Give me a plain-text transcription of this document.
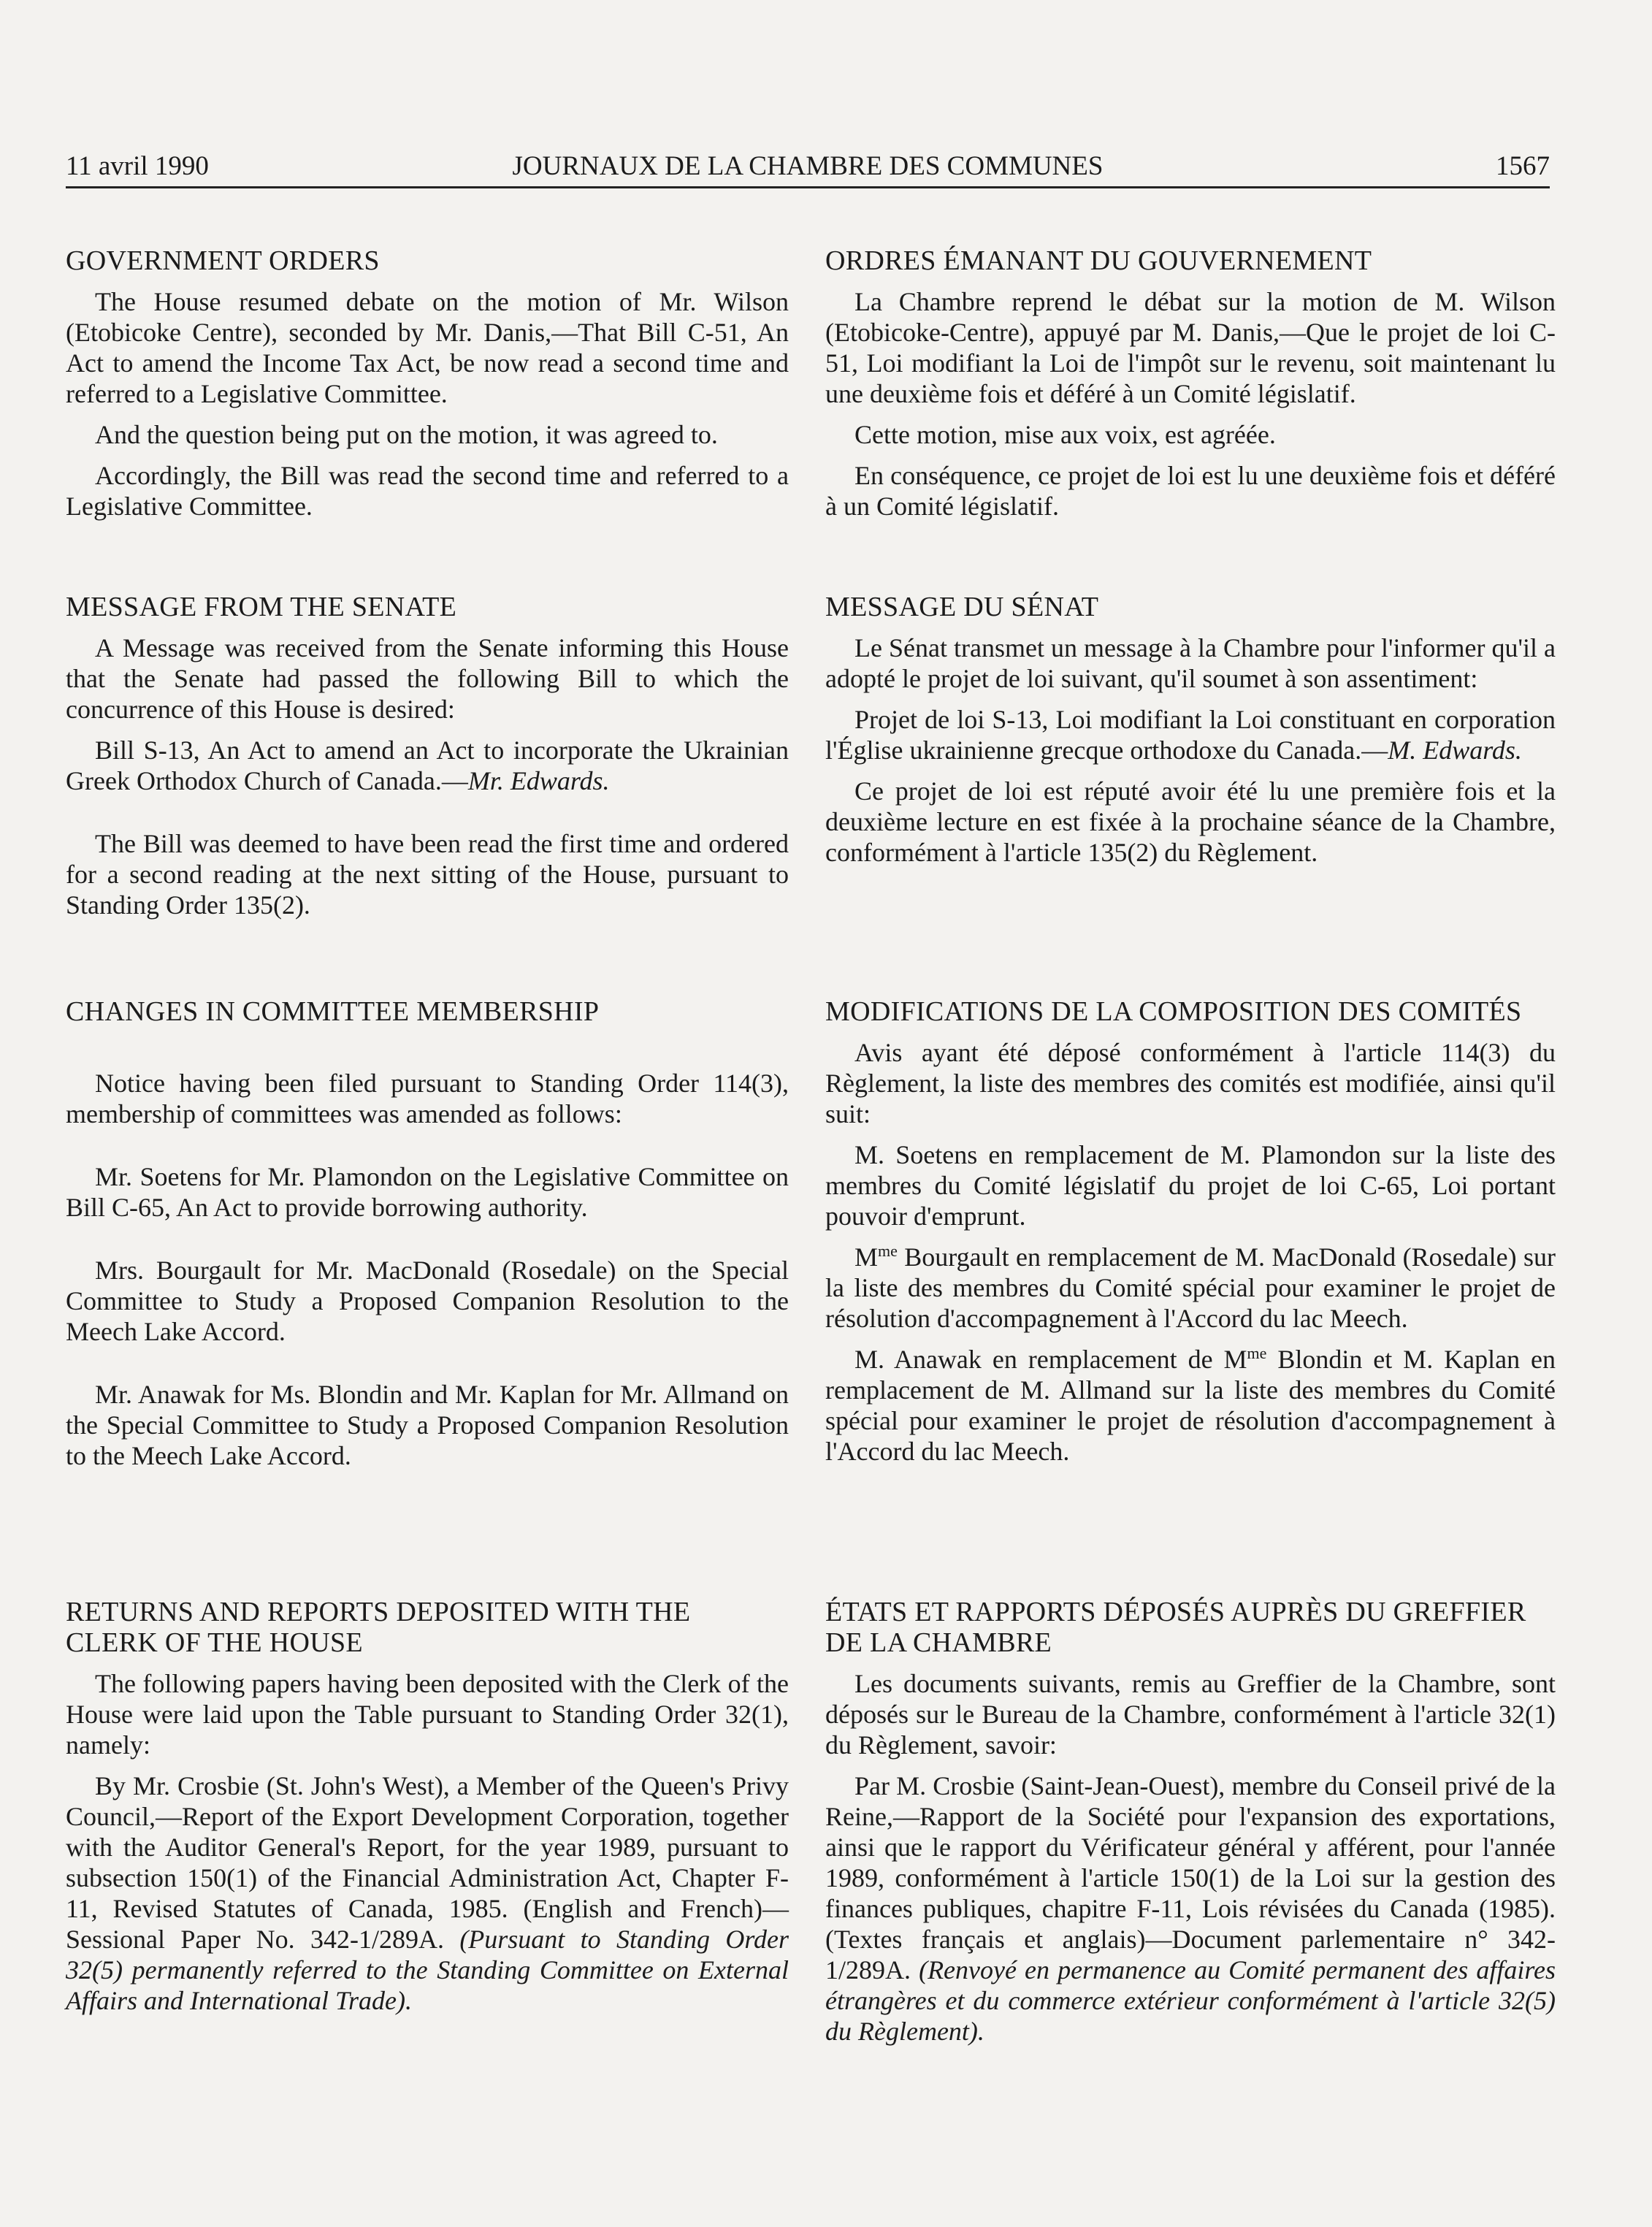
11 avril 1990	JOURNAUX DE LA CHAMBRE DES COMMUNES	1567
GOVERNMENT ORDERS

The House resumed debate on the motion of Mr. Wilson (Etobicoke Centre), seconded by Mr. Danis,—That Bill C-51, An Act to amend the Income Tax Act, be now read a second time and referred to a Legislative Committee.

And the question being put on the motion, it was agreed to.

Accordingly, the Bill was read the second time and referred to a Legislative Committee.

MESSAGE FROM THE SENATE

A Message was received from the Senate informing this House that the Senate had passed the following Bill to which the concurrence of this House is desired:

Bill S-13, An Act to amend an Act to incorporate the Ukrainian Greek Orthodox Church of Canada.—Mr. Edwards.

The Bill was deemed to have been read the first time and ordered for a second reading at the next sitting of the House, pursuant to Standing Order 135(2).

CHANGES IN COMMITTEE MEMBERSHIP

Notice having been filed pursuant to Standing Order 114(3), membership of committees was amended as follows:

Mr. Soetens for Mr. Plamondon on the Legislative Committee on Bill C-65, An Act to provide borrowing authority.

Mrs. Bourgault for Mr. MacDonald (Rosedale) on the Special Committee to Study a Proposed Companion Resolution to the Meech Lake Accord.

Mr. Anawak for Ms. Blondin and Mr. Kaplan for Mr. Allmand on the Special Committee to Study a Proposed Companion Resolution to the Meech Lake Accord.

RETURNS AND REPORTS DEPOSITED WITH THE CLERK OF THE HOUSE

The following papers having been deposited with the Clerk of the House were laid upon the Table pursuant to Standing Order 32(1), namely:

By Mr. Crosbie (St. John's West), a Member of the Queen's Privy Council,—Report of the Export Development Corporation, together with the Auditor General's Report, for the year 1989, pursuant to subsection 150(1) of the Financial Administration Act, Chapter F-11, Revised Statutes of Canada, 1985. (English and French)—Sessional Paper No. 342-1/289A. (Pursuant to Standing Order 32(5) permanently referred to the Standing Committee on External Affairs and International Trade).

ORDRES ÉMANANT DU GOUVERNEMENT

La Chambre reprend le débat sur la motion de M. Wilson (Etobicoke-Centre), appuyé par M. Danis,—Que le projet de loi C-51, Loi modifiant la Loi de l'impôt sur le revenu, soit maintenant lu une deuxième fois et déféré à un Comité législatif.

Cette motion, mise aux voix, est agréée.

En conséquence, ce projet de loi est lu une deuxième fois et déféré à un Comité législatif.

MESSAGE DU SÉNAT

Le Sénat transmet un message à la Chambre pour l'informer qu'il a adopté le projet de loi suivant, qu'il soumet à son assentiment:

Projet de loi S-13, Loi modifiant la Loi constituant en corporation l'Église ukrainienne grecque orthodoxe du Canada.—M. Edwards.

Ce projet de loi est réputé avoir été lu une première fois et la deuxième lecture en est fixée à la prochaine séance de la Chambre, conformément à l'article 135(2) du Règlement.

MODIFICATIONS DE LA COMPOSITION DES COMITÉS

Avis ayant été déposé conformément à l'article 114(3) du Règlement, la liste des membres des comités est modifiée, ainsi qu'il suit:

M. Soetens en remplacement de M. Plamondon sur la liste des membres du Comité législatif du projet de loi C-65, Loi portant pouvoir d'emprunt.

$M^{me}$ Bourgault en remplacement de M. MacDonald (Rosedale) sur la liste des membres du Comité spécial pour examiner le projet de résolution d'accompagnement à l'Accord du lac Meech.

M. Anawak en remplacement de $M^{me}$ Blondin et M. Kaplan en remplacement de M. Allmand sur la liste des membres du Comité spécial pour examiner le projet de résolution d'accompagnement à l'Accord du lac Meech.

ÉTATS ET RAPPORTS DÉPOSÉS AUPRÈS DU GREFFIER DE LA CHAMBRE

Les documents suivants, remis au Greffier de la Chambre, sont déposés sur le Bureau de la Chambre, conformément à l'article 32(1) du Règlement, savoir:

Par M. Crosbie (Saint-Jean-Ouest), membre du Conseil privé de la Reine,—Rapport de la Société pour l'expansion des exportations, ainsi que le rapport du Vérificateur général y afférent, pour l'année 1989, conformément à l'article 150(1) de la Loi sur la gestion des finances publiques, chapitre F-11, Lois révisées du Canada (1985). (Textes français et anglais)—Document parlementaire n° 342-1/289A. (Renvoyé en permanence au Comité permanent des affaires étrangères et du commerce extérieur conformément à l'article 32(5) du Règlement).
